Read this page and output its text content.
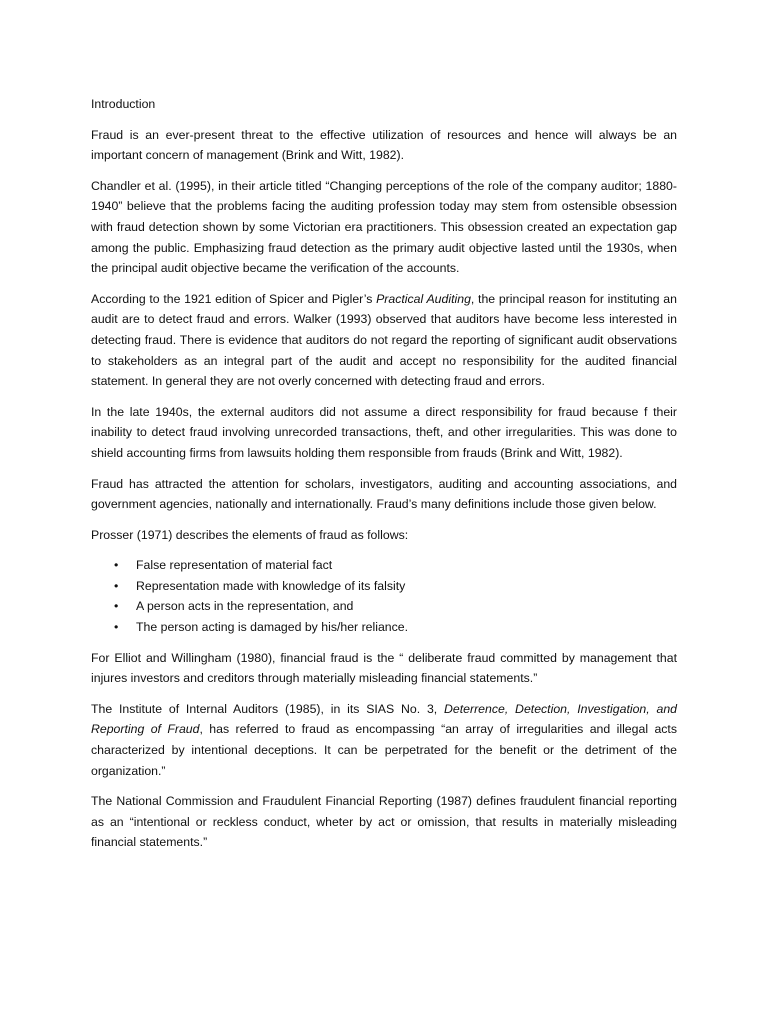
Introduction

Fraud is an ever-present threat to the effective utilization of resources and hence will always be an important concern of management (Brink and Witt, 1982).

Chandler et al. (1995), in their article titled “Changing perceptions of the role of the company auditor; 1880-1940” believe that the problems facing the auditing profession today may stem from ostensible obsession with fraud detection shown by some Victorian era practitioners. This obsession created an expectation gap among the public. Emphasizing fraud detection as the primary audit objective lasted until the 1930s, when the principal audit objective became the verification of the accounts.

According to the 1921 edition of Spicer and Pigler’s Practical Auditing, the principal reason for instituting an audit are to detect fraud and errors. Walker (1993) observed that auditors have become less interested in detecting fraud. There is evidence that auditors do not regard the reporting of significant audit observations to stakeholders as an integral part of the audit and accept no responsibility for the audited financial statement. In general they are not overly concerned with detecting fraud and errors.

In the late 1940s, the external auditors did not assume a direct responsibility for fraud because f their inability to detect fraud involving unrecorded transactions, theft, and other irregularities. This was done to shield accounting firms from lawsuits holding them responsible from frauds (Brink and Witt, 1982).

Fraud has attracted the attention for scholars, investigators, auditing and accounting associations, and government agencies, nationally and internationally. Fraud’s many definitions include those given below.

Prosser (1971) describes the elements of fraud as follows:

• False representation of material fact
• Representation made with knowledge of its falsity
• A person acts in the representation, and
• The person acting is damaged by his/her reliance.

For Elliot and Willingham (1980), financial fraud is the “ deliberate fraud committed by management that injures investors and creditors through materially misleading financial statements.”

The Institute of Internal Auditors (1985), in its SIAS No. 3, Deterrence, Detection, Investigation, and Reporting of Fraud, has referred to fraud as encompassing “an array of irregularities and illegal acts characterized by intentional deceptions. It can be perpetrated for the benefit or the detriment of the organization.”

The National Commission and Fraudulent Financial Reporting (1987) defines fraudulent financial reporting as an “intentional or reckless conduct, wheter by act or omission, that results in materially misleading financial statements.”
